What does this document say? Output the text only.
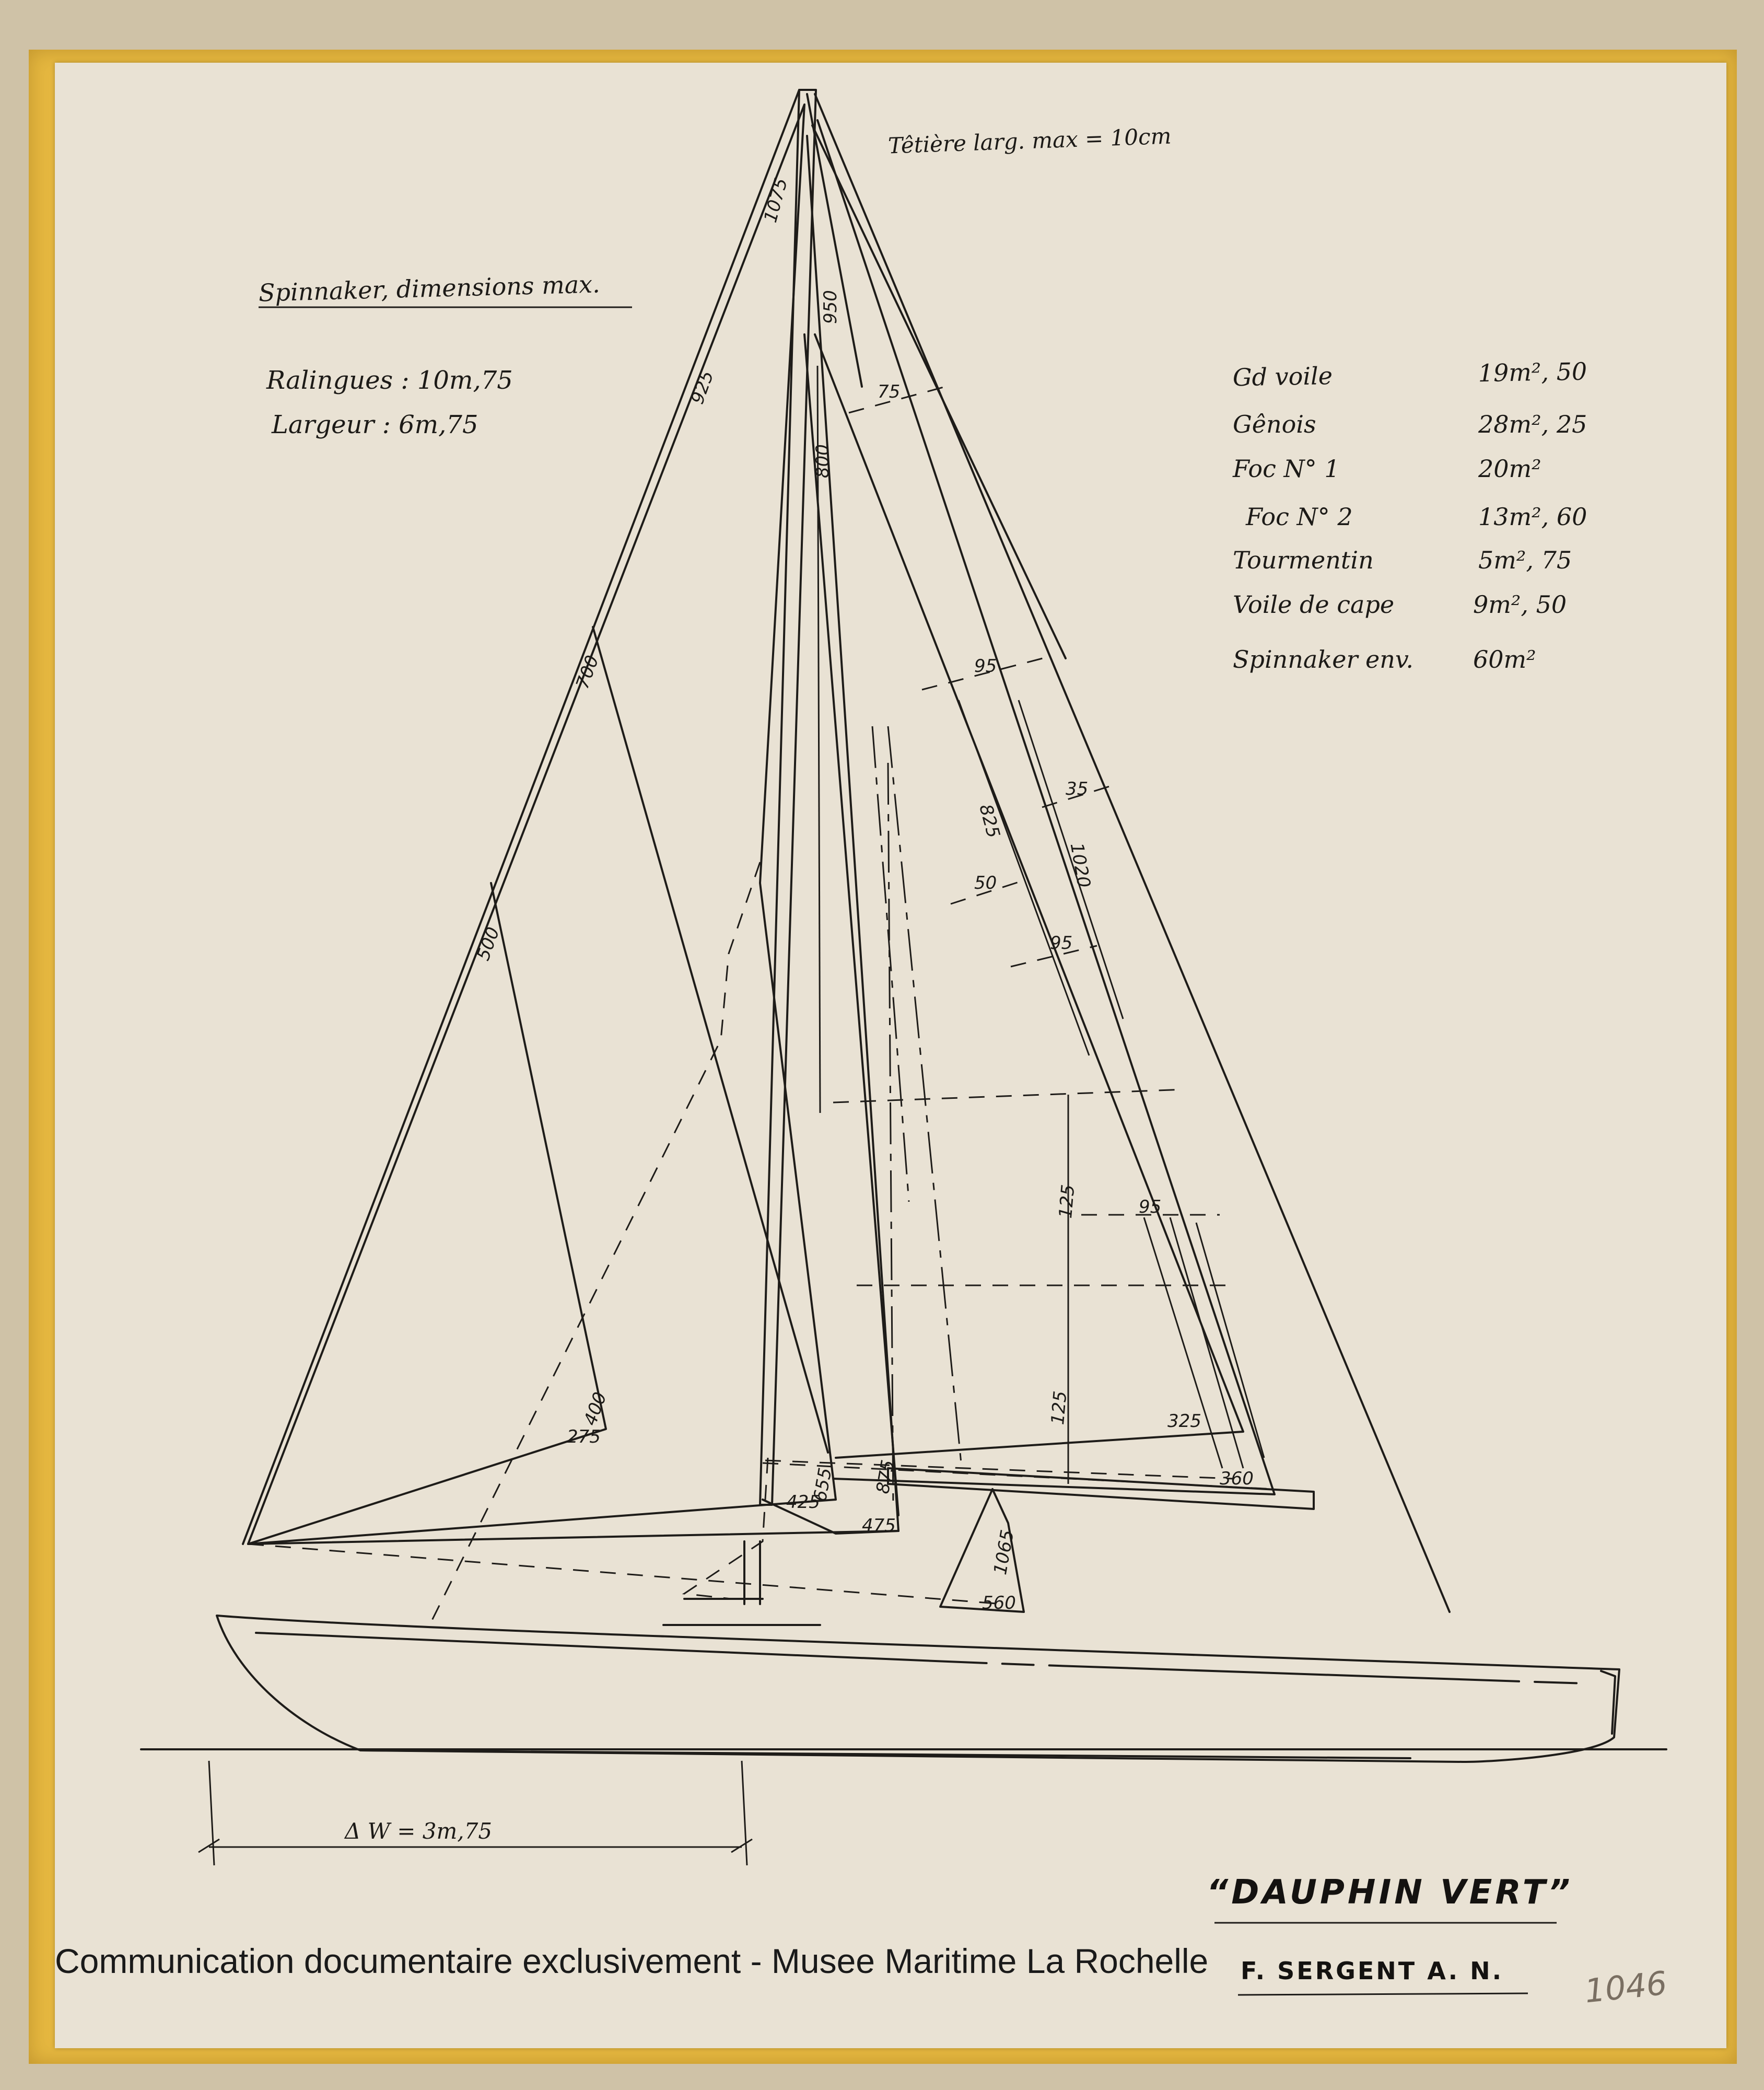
Têtière larg. max = 10cm

Spinnaker, dimensions max.

Ralingues : 10m,75

Largeur : 6m,75

Gd voile	19m², 50
Gênois	28m², 25
Foc N° 1	20m²
Foc N° 2	13m², 60
Tourmentin	5m², 75
Voile de cape	9m², 50
Spinnaker env. 60m²

1075

950

925

800

75

700

500

95

825

35

1020

50

95

125	95

125

400

275

325

360

655

425

875

475

1065

560

Δ W = 3m,75

“DAUPHIN VERT”

F. SERGENT A. N. 1046

Communication documentaire exclusivement - Musee Maritime La Rochelle
